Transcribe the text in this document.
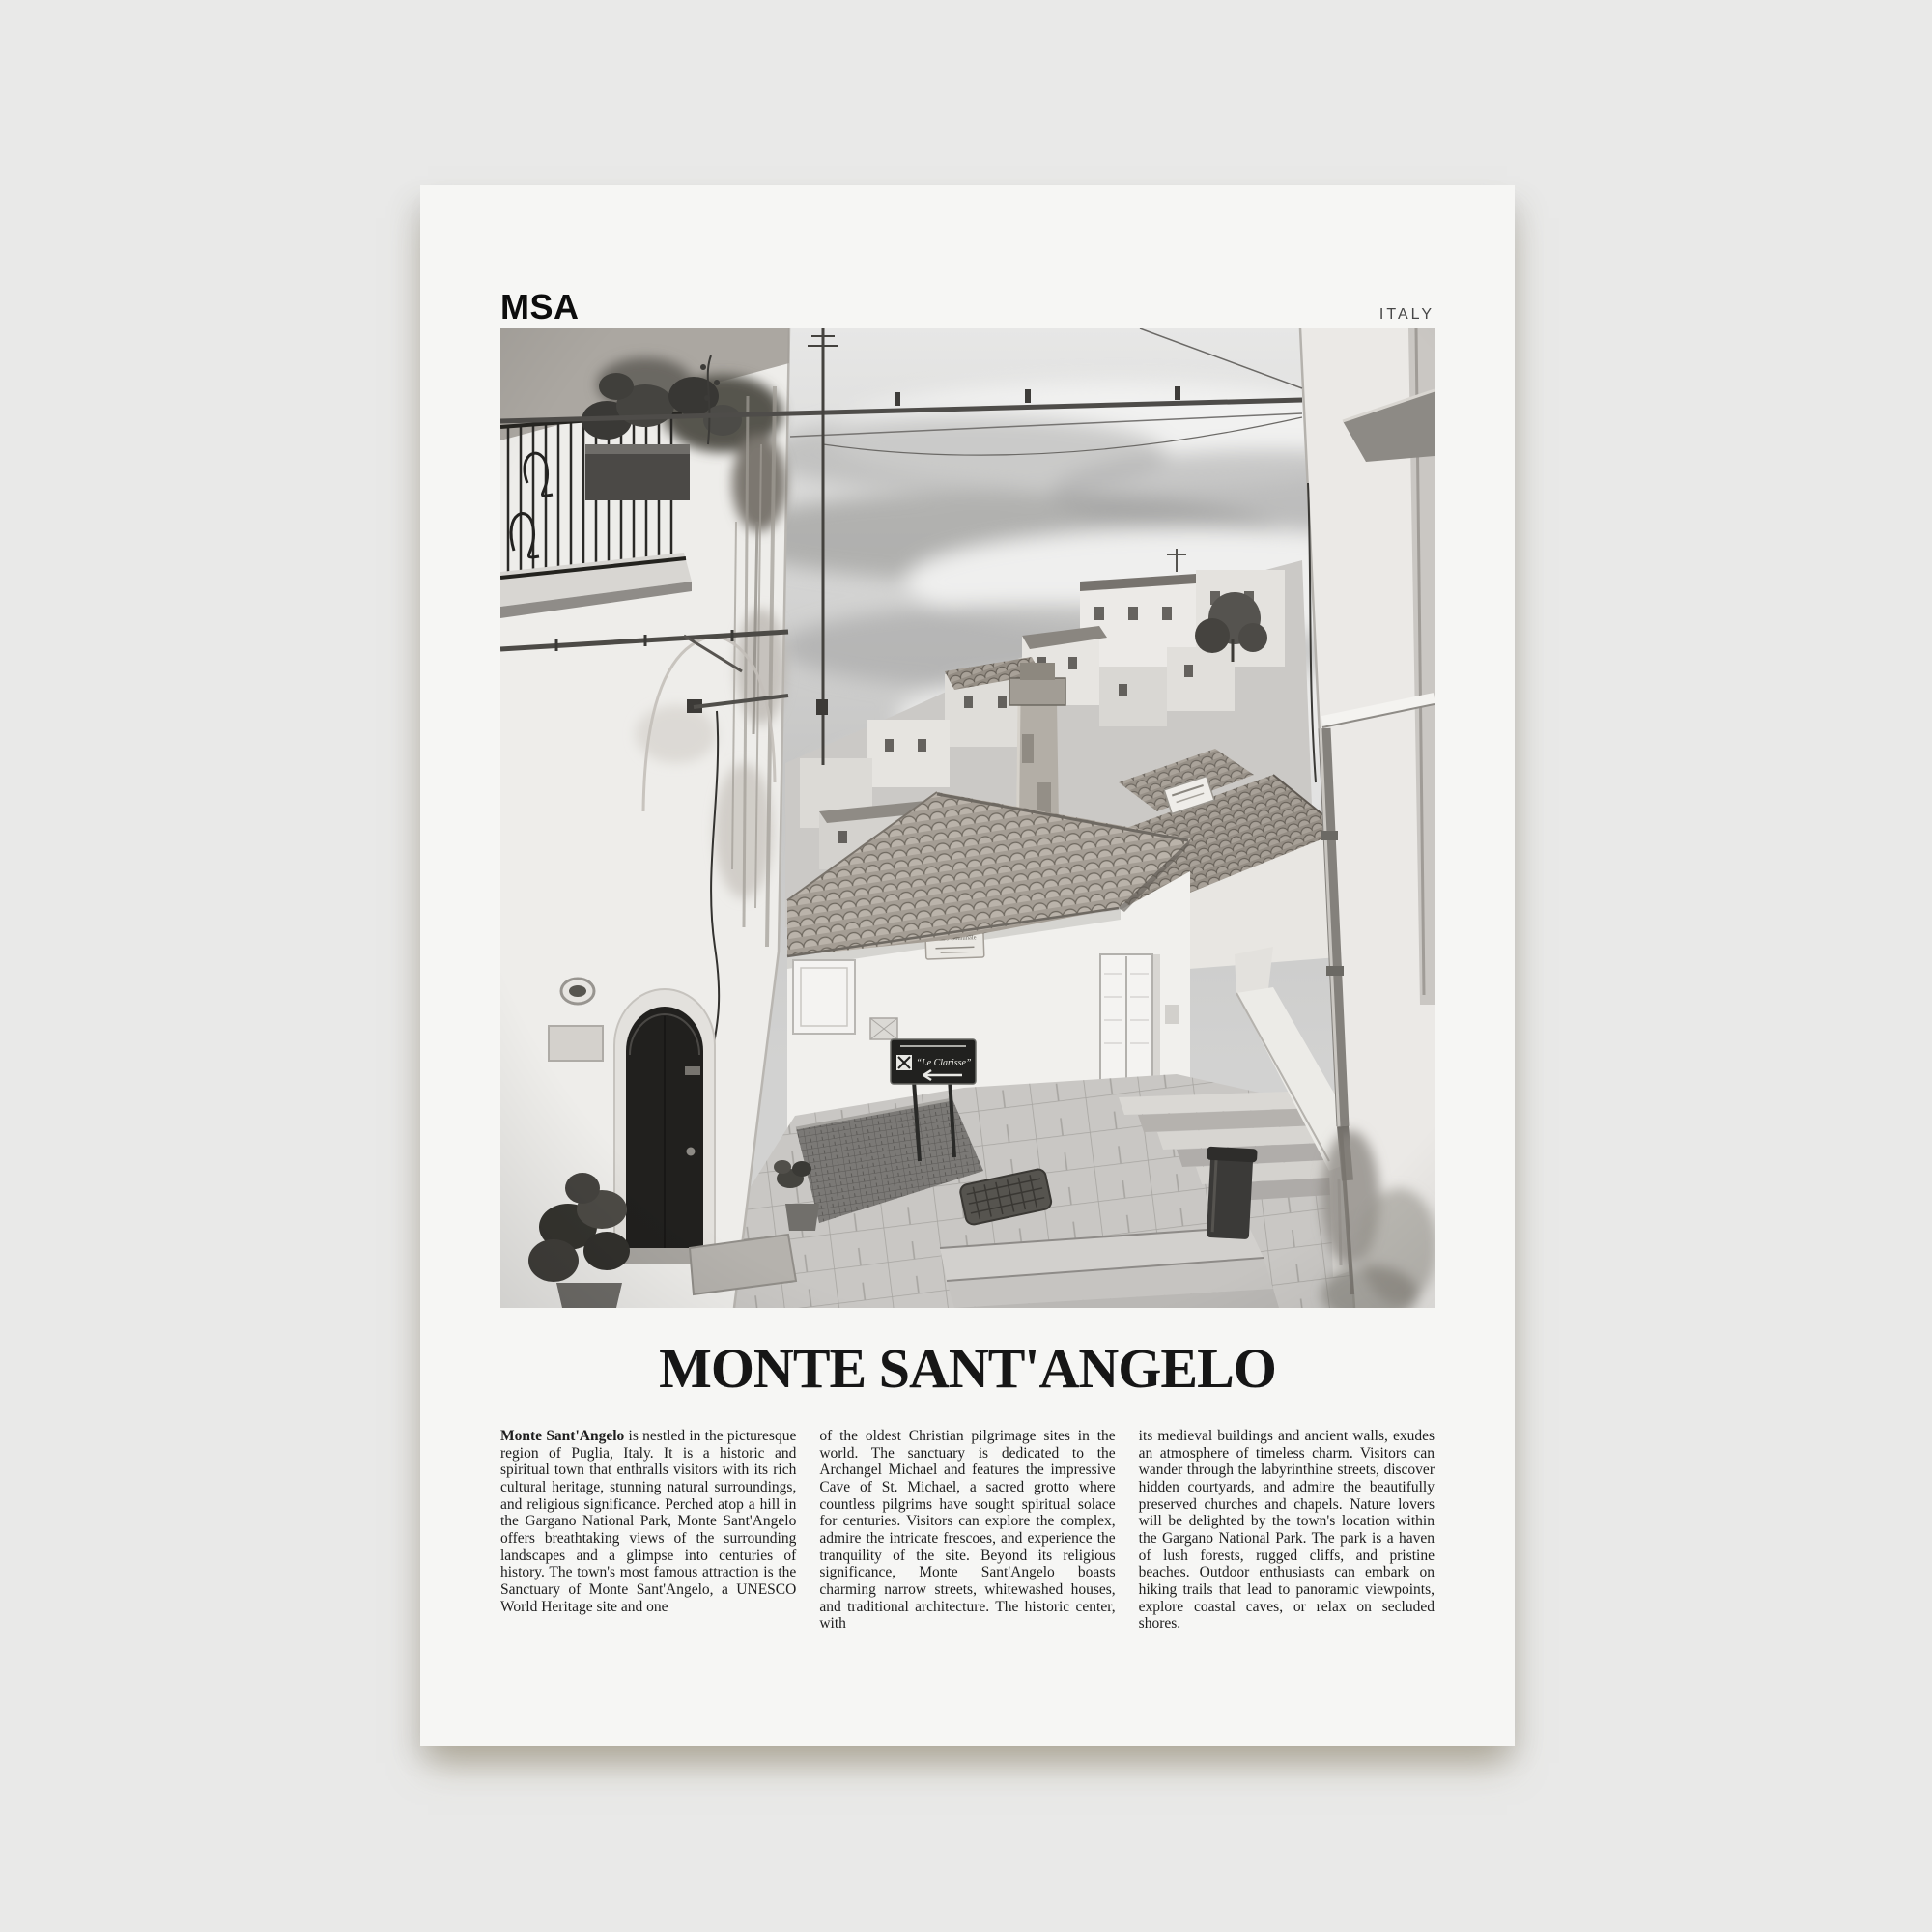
MSA	ITALY
MONTE SANT'ANGELO

Monte Sant'Angelo is nestled in the picturesque region of Puglia, Italy. It is a historic and spiritual town that enthralls visitors with its rich cultural heritage, stunning natural surroundings, and religious significance. Perched atop a hill in the Gargano National Park, Monte Sant'Angelo offers breathtaking views of the surrounding landscapes and a glimpse into centuries of history. The town's most famous attraction is the Sanctuary of Monte Sant'Angelo, a UNESCO World Heritage site and one

of the oldest Christian pilgrimage sites in the world. The sanctuary is dedicated to the Archangel Michael and features the impressive Cave of St. Michael, a sacred grotto where countless pilgrims have sought spiritual solace for centuries. Visitors can explore the complex, admire the intricate frescoes, and experience the tranquility of the site. Beyond its religious significance, Monte Sant'Angelo boasts charming narrow streets, whitewashed houses, and traditional architecture. The historic center, with

its medieval buildings and ancient walls, exudes an atmosphere of timeless charm. Visitors can wander through the labyrinthine streets, discover hidden courtyards, and admire the beautifully preserved churches and chapels. Nature lovers will be delighted by the town's location within the Gargano National Park. The park is a haven of lush forests, rugged cliffs, and pristine beaches. Outdoor enthusiasts can embark on hiking trails that lead to panoramic viewpoints, explore coastal caves, or relax on secluded shores.
